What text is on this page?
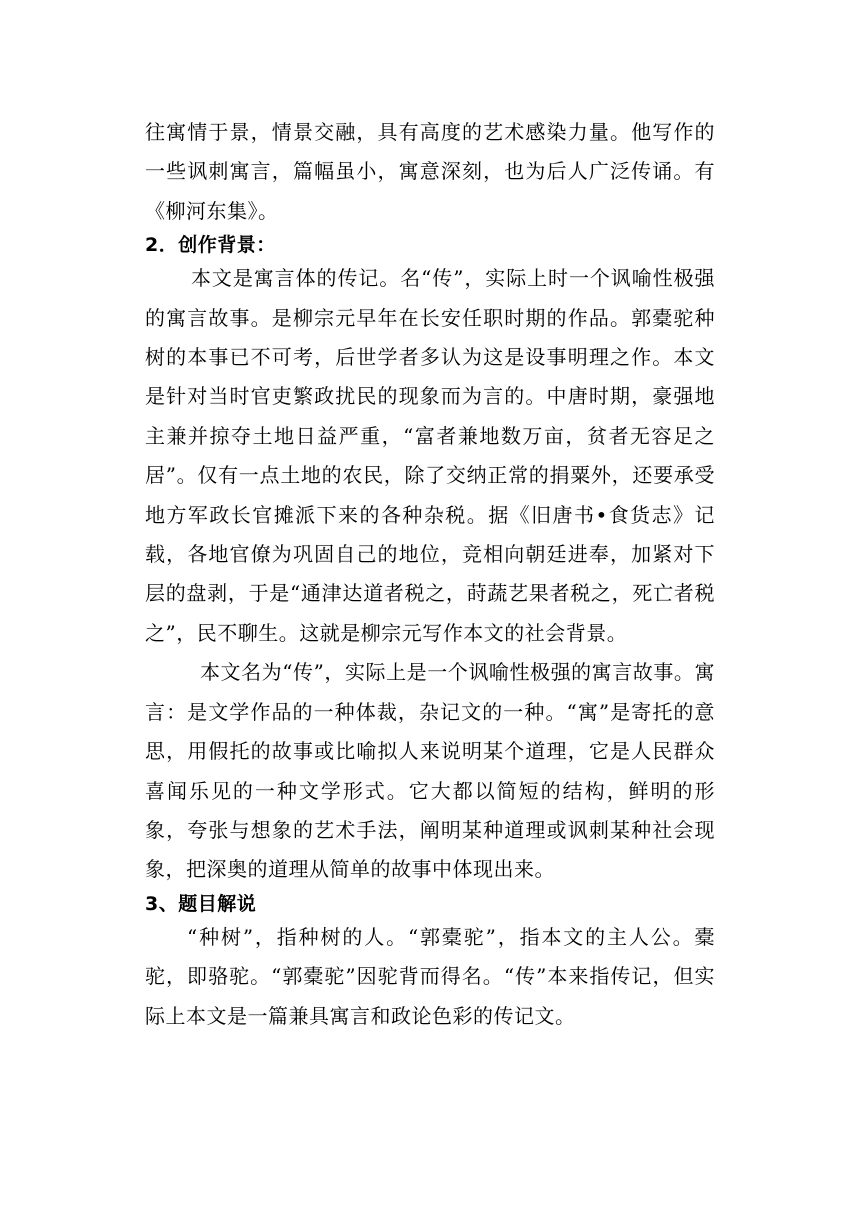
往寓情于景，情景交融，具有高度的艺术感染力量。他写作的一些讽刺寓言，篇幅虽小，寓意深刻，也为后人广泛传诵。有《柳河东集》。

2．创作背景：

本文是寓言体的传记。名“传”，实际上时一个讽喻性极强的寓言故事。是柳宗元早年在长安任职时期的作品。郭橐驼种树的本事已不可考，后世学者多认为这是设事明理之作。本文是针对当时官吏繁政扰民的现象而为言的。中唐时期，豪强地主兼并掠夺土地日益严重，“富者兼地数万亩，贫者无容足之居”。仅有一点土地的农民，除了交纳正常的捐粟外，还要承受地方军政长官摊派下来的各种杂税。据《旧唐书•食货志》记载，各地官僚为巩固自己的地位，竞相向朝廷进奉，加紧对下层的盘剥，于是“通津达道者税之，莳蔬艺果者税之，死亡者税之”，民不聊生。这就是柳宗元写作本文的社会背景。

本文名为“传”，实际上是一个讽喻性极强的寓言故事。寓言：是文学作品的一种体裁，杂记文的一种。“寓”是寄托的意思，用假托的故事或比喻拟人来说明某个道理，它是人民群众喜闻乐见的一种文学形式。它大都以简短的结构，鲜明的形象，夸张与想象的艺术手法，阐明某种道理或讽刺某种社会现象，把深奥的道理从简单的故事中体现出来。

3、题目解说

“种树”，指种树的人。“郭橐驼”，指本文的主人公。橐驼，即骆驼。“郭橐驼”因驼背而得名。“传”本来指传记，但实际上本文是一篇兼具寓言和政论色彩的传记文。
